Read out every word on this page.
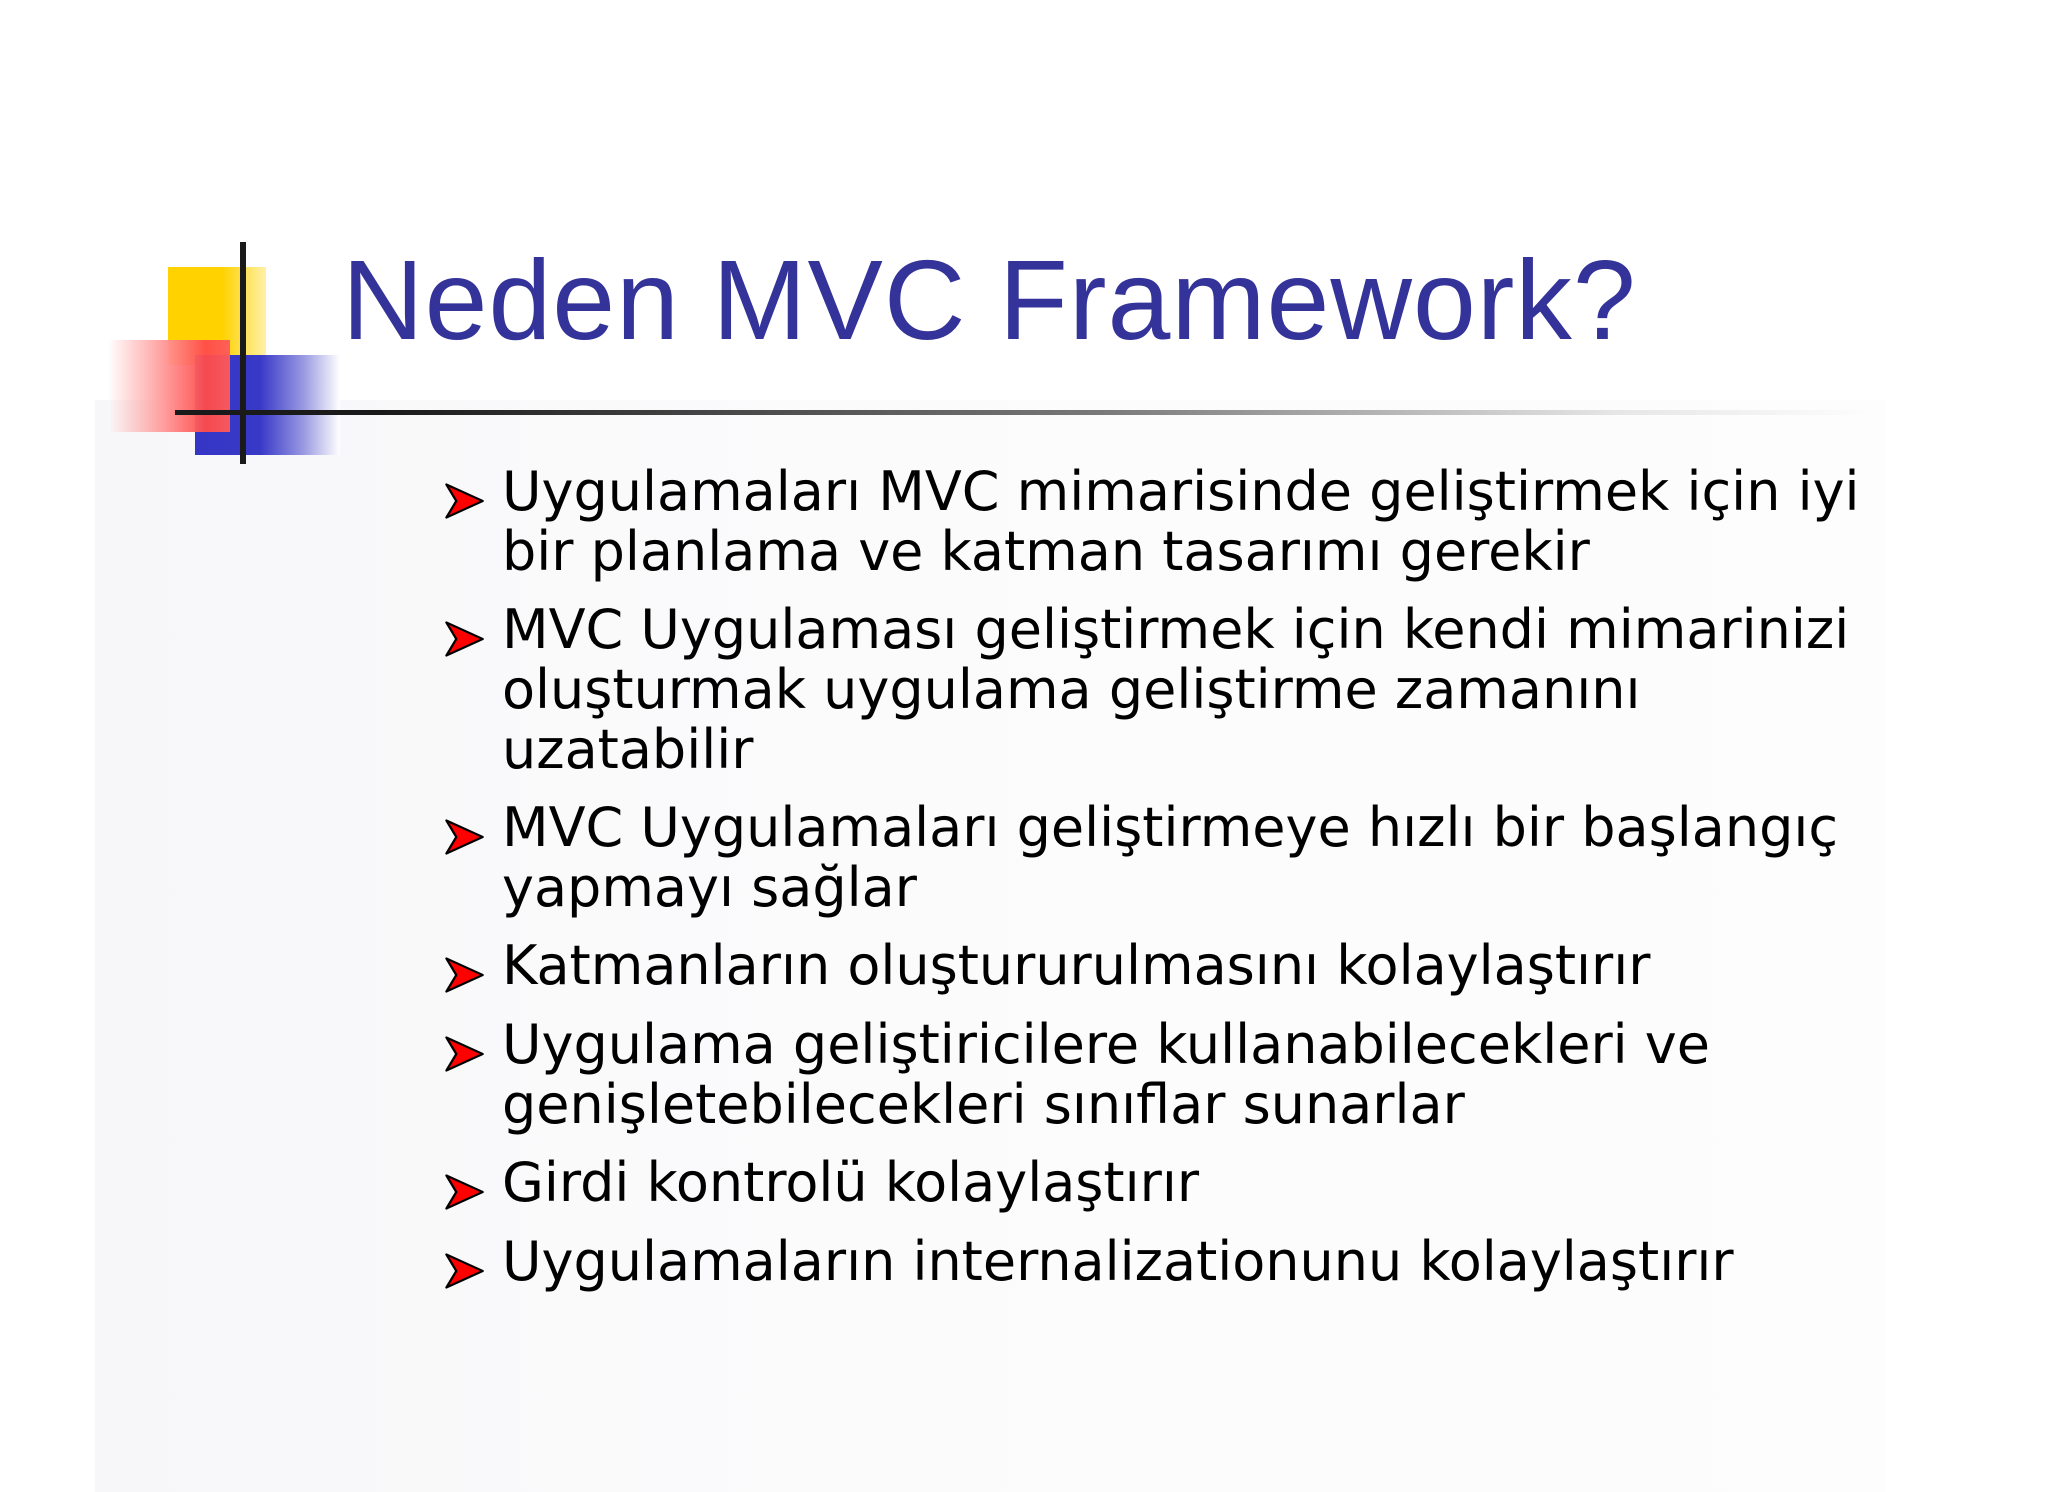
Neden MVC Framework?
Uygulamaları MVC mimarisinde geliştirmek için iyi bir planlama ve katman tasarımı gerekir
MVC Uygulaması geliştirmek için kendi mimarinizi oluşturmak uygulama geliştirme zamanını uzatabilir
MVC Uygulamaları geliştirmeye hızlı bir başlangıç yapmayı sağlar
Katmanların oluştururulmasını kolaylaştırır
Uygulama geliştiricilere kullanabilecekleri ve genişletebilecekleri sınıflar sunarlar
Girdi kontrolü kolaylaştırır
Uygulamaların internalizationunu kolaylaştırır
